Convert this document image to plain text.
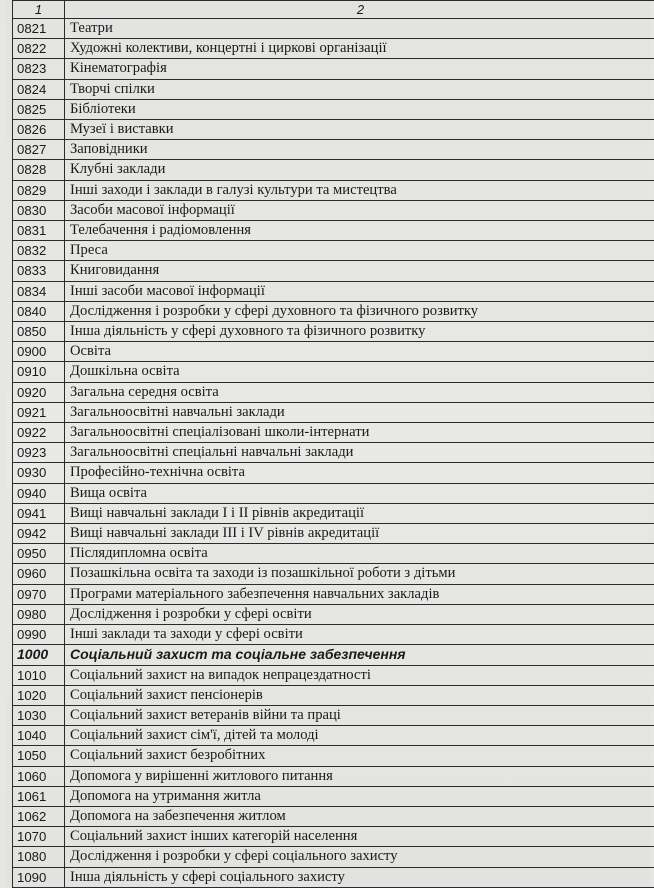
1	2
0821	Театри
0822	Художні колективи, концертні і циркові організації
0823	Кінематографія
0824	Творчі спілки
0825	Бібліотеки
0826	Музеї і виставки
0827	Заповідники
0828	Клубні заклади
0829	Інші заходи і заклади в галузі культури та мистецтва
0830	Засоби масової інформації
0831	Телебачення і радіомовлення
0832	Преса
0833	Книговидання
0834	Інші засоби масової інформації
0840	Дослідження і розробки у сфері духовного та фізичного розвитку
0850	Інша діяльність у сфері духовного та фізичного розвитку
0900	Освіта
0910	Дошкільна освіта
0920	Загальна середня освіта
0921	Загальноосвітні навчальні заклади
0922	Загальноосвітні спеціалізовані школи-інтернати
0923	Загальноосвітні спеціальні навчальні заклади
0930	Професійно-технічна освіта
0940	Вища освіта
0941	Вищі навчальні заклади І і ІІ рівнів акредитації
0942	Вищі навчальні заклади ІІІ і IV рівнів акредитації
0950	Післядипломна освіта
0960	Позашкільна освіта та заходи із позашкільної роботи з дітьми
0970	Програми матеріального забезпечення навчальних закладів
0980	Дослідження і розробки у сфері освіти
0990	Інші заклади та заходи у сфері освіти
1000	Соціальний захист та соціальне забезпечення
1010	Соціальний захист на випадок непрацездатності
1020	Соціальний захист пенсіонерів
1030	Соціальний захист ветеранів війни та праці
1040	Соціальний захист сім'ї, дітей та молоді
1050	Соціальний захист безробітних
1060	Допомога у вирішенні житлового питання
1061	Допомога на утримання житла
1062	Допомога на забезпечення житлом
1070	Соціальний захист інших категорій населення
1080	Дослідження і розробки у сфері соціального захисту
1090	Інша діяльність у сфері соціального захисту
